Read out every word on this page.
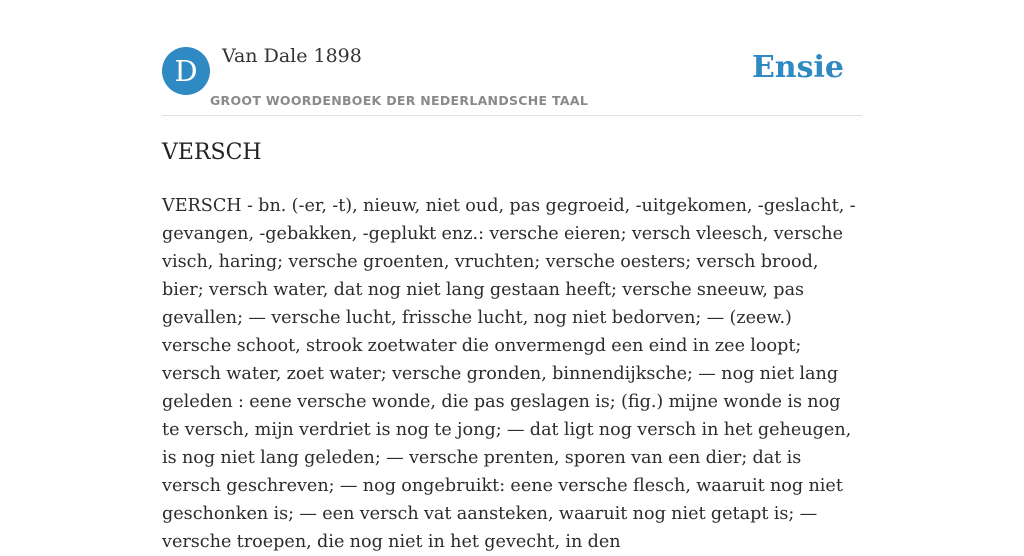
D	Van Dale 1898
GROOT WOORDENBOEK DER NEDERLANDSCHE TAAL
Ensie
VERSCH

VERSCH - bn. (-er, -t), nieuw, niet oud, pas gegroeid, -uitgekomen, -geslacht, -gevangen, -gebakken, -geplukt enz.: versche eieren; versch vleesch, versche visch, haring; versche groenten, vruchten; versche oesters; versch brood, bier; versch water, dat nog niet lang gestaan heeft; versche sneeuw, pas gevallen; — versche lucht, frissche lucht, nog niet bedorven; — (zeew.) versche schoot, strook zoetwater die onvermengd een eind in zee loopt; versch water, zoet water; versche gronden, binnendijksche; — nog niet lang geleden : eene versche wonde, die pas geslagen is; (fig.) mijne wonde is nog te versch, mijn verdriet is nog te jong; — dat ligt nog versch in het geheugen, is nog niet lang geleden; — versche prenten, sporen van een dier; dat is versch geschreven; — nog ongebruikt: eene versche flesch, waaruit nog niet geschonken is; — een versch vat aansteken, waaruit nog niet getapt is; — versche troepen, die nog niet in het gevecht, in den
